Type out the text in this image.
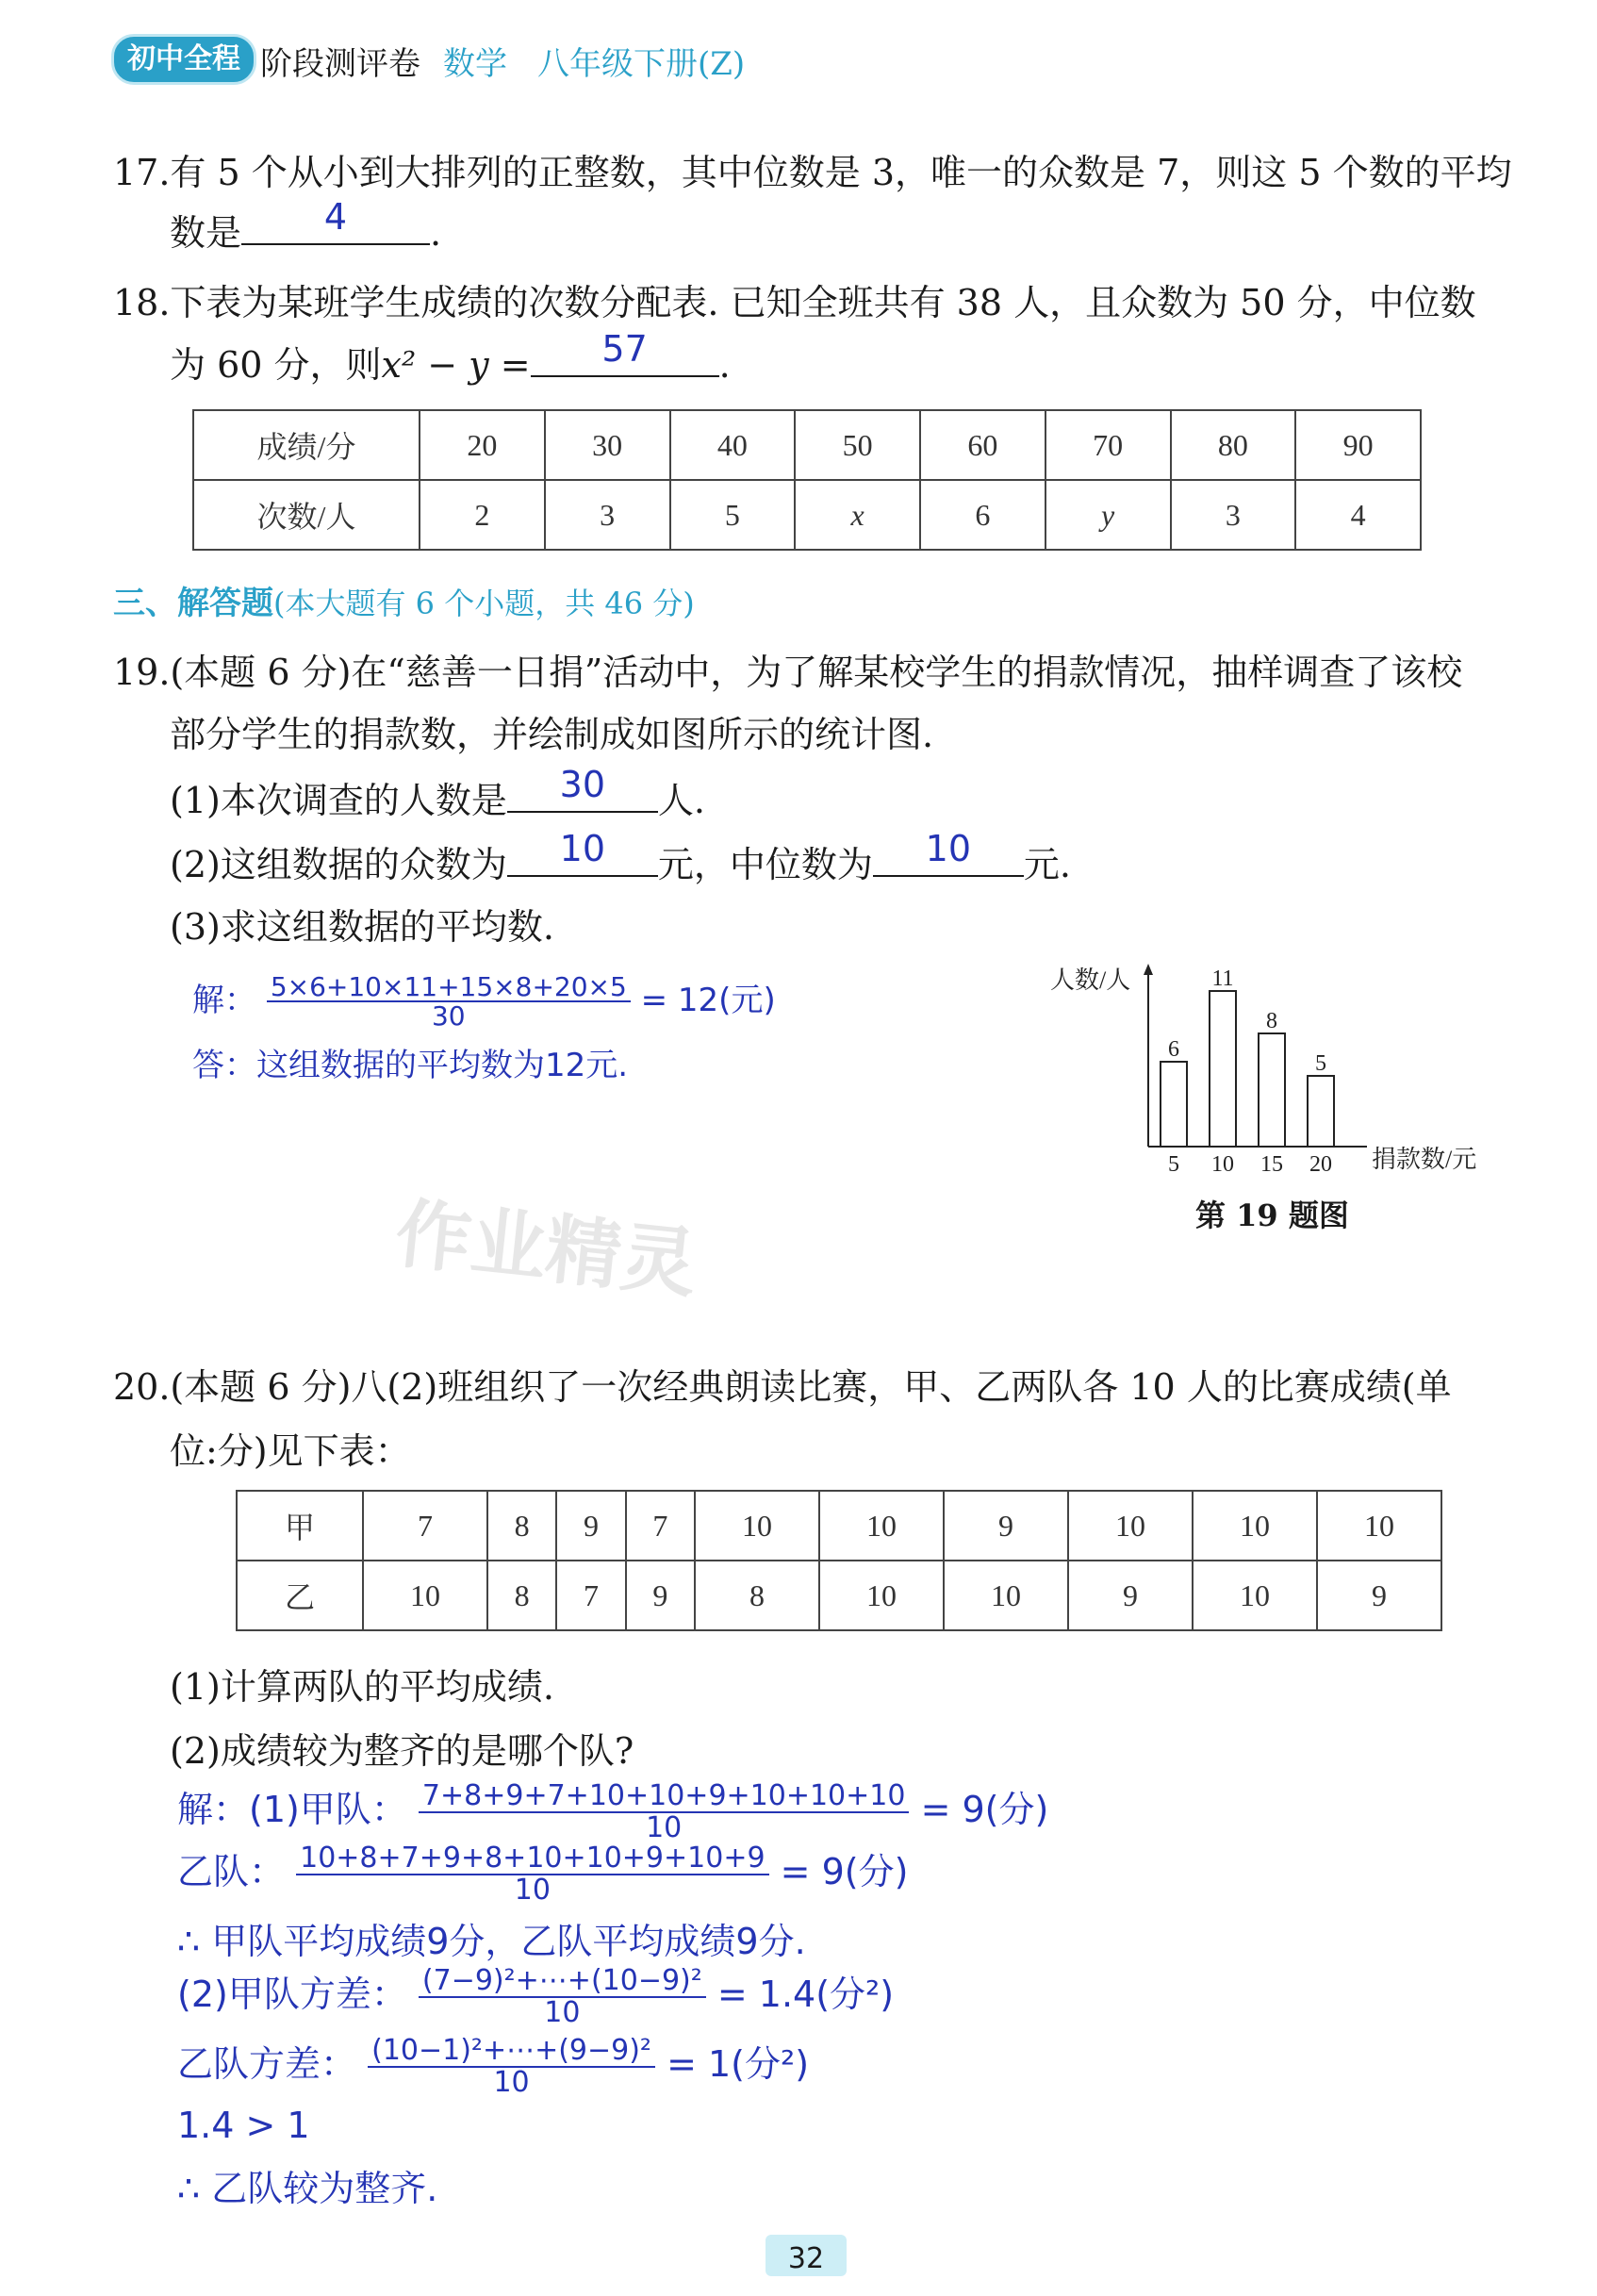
初中全程 阶段测评卷 数学 八年级下册(Z)
17.有 5 个从小到大排列的正整数，其中位数是 3，唯一的众数是 7，则这 5 个数的平均
数是	4	.
18.下表为某班学生成绩的次数分配表. 已知全班共有 38 人，且众数为 50 分，中位数
为 60 分，则x² − y =	57	.
成绩/分	20	30	40	50	60	70	80	90
次数/人	2	3	5	x	6	y	3	4
三、解答题(本大题有 6 个小题，共 46 分)
19.(本题 6 分)在“慈善一日捐”活动中，为了解某校学生的捐款情况，抽样调查了该校
部分学生的捐款数，并绘制成如图所示的统计图.
(1)本次调查的人数是	30	人.
(2)这组数据的众数为	10	元，中位数为	10	元.
(3)求这组数据的平均数.
解： $\frac{5\times 6+10\times 11+15\times 8+20\times 5}{30} = 12$(元)
答：这组数据的平均数为12元.
人数/人
捐款数/元
6
5
11
10
8
15
5
20
第 19 题图
作业精灵
20.(本题 6 分)八(2)班组织了一次经典朗读比赛，甲、乙两队各 10 人的比赛成绩(单
位:分)见下表：
甲	7	8	9	7	10	10	9	10	10	10
乙	10	8	7	9	8	10	10	9	10	9
(1)计算两队的平均成绩.
(2)成绩较为整齐的是哪个队?
解：(1)甲队： $\frac{7+8+9+7+10+10+9+10+10+10}{10} = 9$(分)
乙队： $\frac{10+8+7+9+8+10+10+9+10+9}{10} = 9$(分)
∴ 甲队平均成绩9分，乙队平均成绩9分.
(2)甲队方差： $\frac{\text{(7−9)²+⋯+(10−9)²}}{10} = 1.4$(分²)
乙队方差： $\frac{\text{(10−1)²+⋯+(9−9)²}}{10} = 1$(分²)
1.4 > 1
∴ 乙队较为整齐.
32
